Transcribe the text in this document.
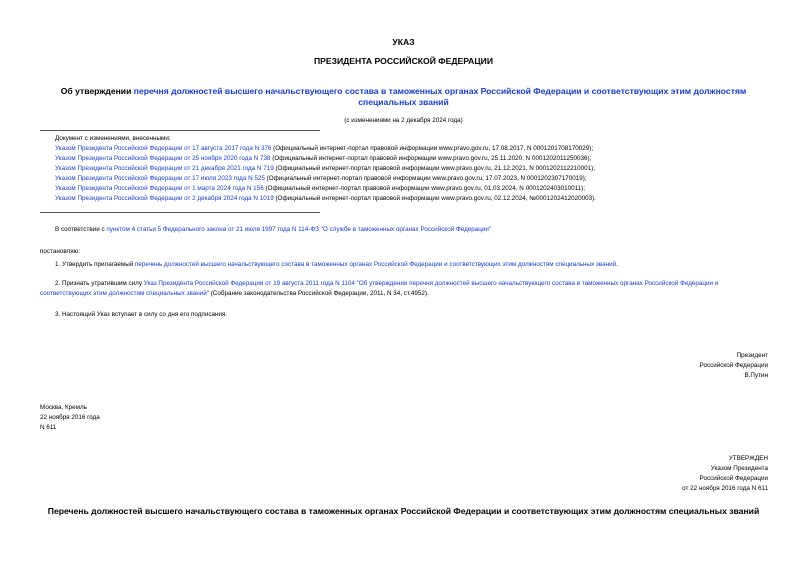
УКАЗ
ПРЕЗИДЕНТА РОССИЙСКОЙ ФЕДЕРАЦИИ
Об утверждении перечня должностей высшего начальствующего состава в таможенных органах Российской Федерации и соответствующих этим должностям специальных званий
(с изменениями на 2 декабря 2024 года)
Документ с изменениями, внесенными:
Указом Президента Российской Федерации от 17 августа 2017 года N 376 (Официальный интернет-портал правовой информации www.pravo.gov.ru, 17.08.2017, N 0001201708170029);
Указом Президента Российской Федерации от 25 ноября 2020 года N 738 (Официальный интернет-портал правовой информации www.pravo.gov.ru, 25.11.2020, N 0001202011250036);
Указом Президента Российской Федерации от 21 декабря 2021 года N 719 (Официальный интернет-портал правовой информации www.pravo.gov.ru, 21.12.2021, N 0001202112210001);
Указом Президента Российской Федерации от 17 июля 2023 года N 525 (Официальный интернет-портал правовой информации www.pravo.gov.ru, 17.07.2023, N 0001202307170019);
Указом Президента Российской Федерации от 1 марта 2024 года N 156 (Официальный интернет-портал правовой информации www.pravo.gov.ru, 01.03.2024, N 0001202403010011);
Указом Президента Российской Федерации от 2 декабря 2024 года N 1019 (Официальный интернет-портал правовой информации www.pravo.gov.ru, 02.12.2024, №0001202412020003).
В соответствии с пунктом 4 статьи 5 Федерального закона от 21 июля 1997 года N 114-ФЗ "О службе в таможенных органах Российской Федерации"
постановляю:
1. Утвердить прилагаемый перечень должностей высшего начальствующего состава в таможенных органах Российской Федерации и соответствующих этим должностям специальных званий.
2. Признать утратившим силу Указ Президента Российской Федерации от 19 августа 2011 года N 1104 "Об утверждении перечня должностей высшего начальствующего состава в таможенных органах Российской Федерации и соответствующих этим должностям специальных званий" (Собрание законодательства Российской Федерации, 2011, N 34, ст.4952).
3. Настоящий Указ вступает в силу со дня его подписания.
Президент
Российской Федерации
В.Путин
Москва, Кремль
22 ноября 2016 года
N 611
УТВЕРЖДЕН
Указом Президента
Российской Федерации
от 22 ноября 2016 года N 611
Перечень должностей высшего начальствующего состава в таможенных органах Российской Федерации и соответствующих этим должностям специальных званий
